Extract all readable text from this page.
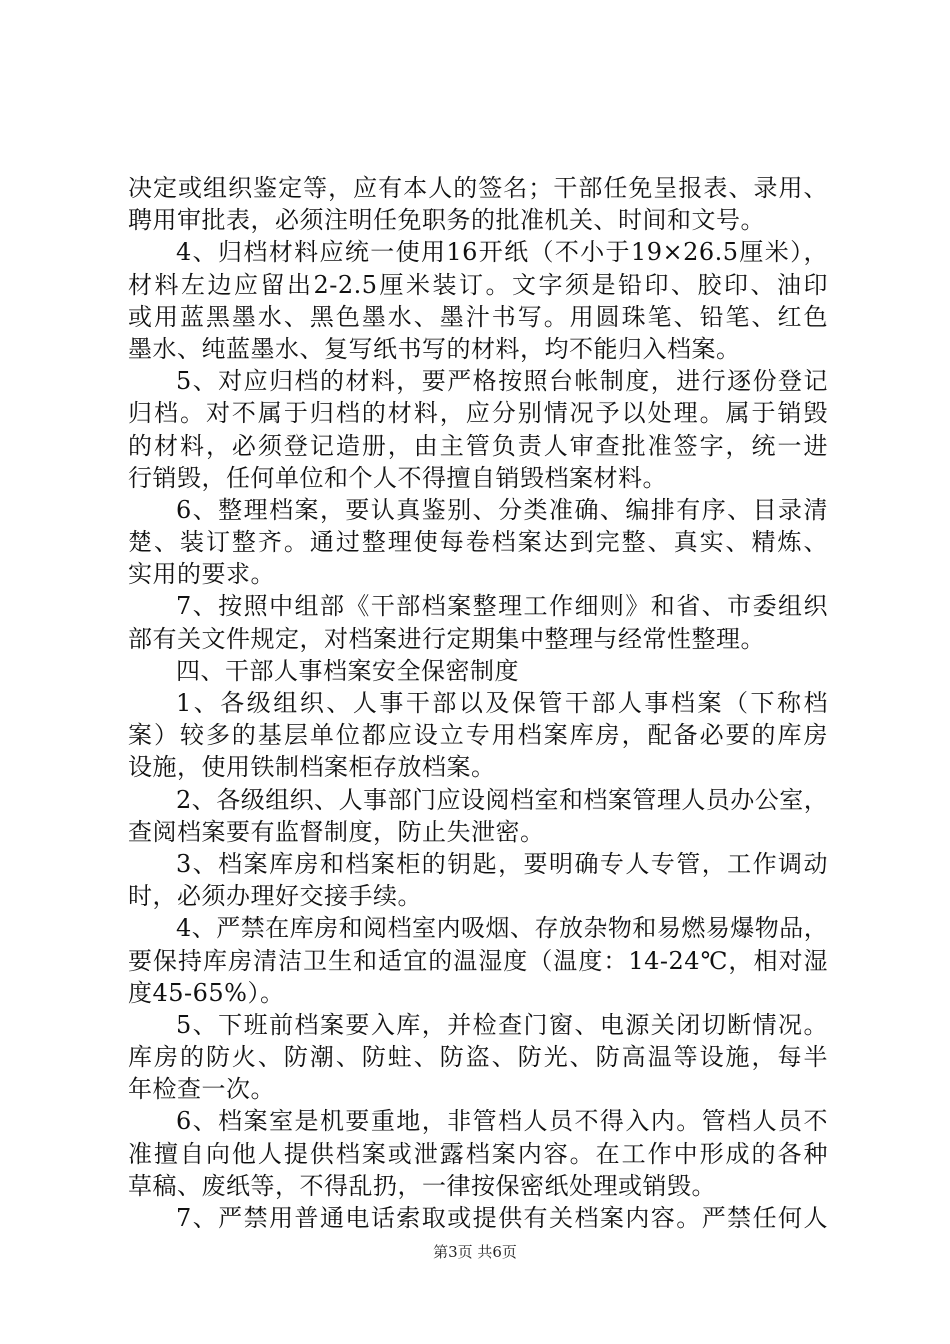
决定或组织鉴定等，应有本人的签名；干部任免呈报表、录用、
聘用审批表，必须注明任免职务的批准机关、时间和文号。
4、归档材料应统一使用16开纸（不小于19×26.5厘米），
材料左边应留出2-2.5厘米装订。文字须是铅印、胶印、油印
或用蓝黑墨水、黑色墨水、墨汁书写。用圆珠笔、铅笔、红色
墨水、纯蓝墨水、复写纸书写的材料，均不能归入档案。
5、对应归档的材料，要严格按照台帐制度，进行逐份登记
归档。对不属于归档的材料，应分别情况予以处理。属于销毁
的材料，必须登记造册，由主管负责人审查批准签字，统一进
行销毁，任何单位和个人不得擅自销毁档案材料。
6、整理档案，要认真鉴别、分类准确、编排有序、目录清
楚、装订整齐。通过整理使每卷档案达到完整、真实、精炼、
实用的要求。
7、按照中组部《干部档案整理工作细则》和省、市委组织
部有关文件规定，对档案进行定期集中整理与经常性整理。
四、干部人事档案安全保密制度
1、各级组织、人事干部以及保管干部人事档案（下称档
案）较多的基层单位都应设立专用档案库房，配备必要的库房
设施，使用铁制档案柜存放档案。
2、各级组织、人事部门应设阅档室和档案管理人员办公室，
查阅档案要有监督制度，防止失泄密。
3、档案库房和档案柜的钥匙，要明确专人专管，工作调动
时，必须办理好交接手续。
4、严禁在库房和阅档室内吸烟、存放杂物和易燃易爆物品，
要保持库房清洁卫生和适宜的温湿度（温度：14-24℃，相对湿
度45-65%）。
5、下班前档案要入库，并检查门窗、电源关闭切断情况。
库房的防火、防潮、防蛀、防盗、防光、防高温等设施，每半
年检查一次。
6、档案室是机要重地，非管档人员不得入内。管档人员不
准擅自向他人提供档案或泄露档案内容。在工作中形成的各种
草稿、废纸等，不得乱扔，一律按保密纸处理或销毁。
7、严禁用普通电话索取或提供有关档案内容。严禁任何人
第3页 共6页
